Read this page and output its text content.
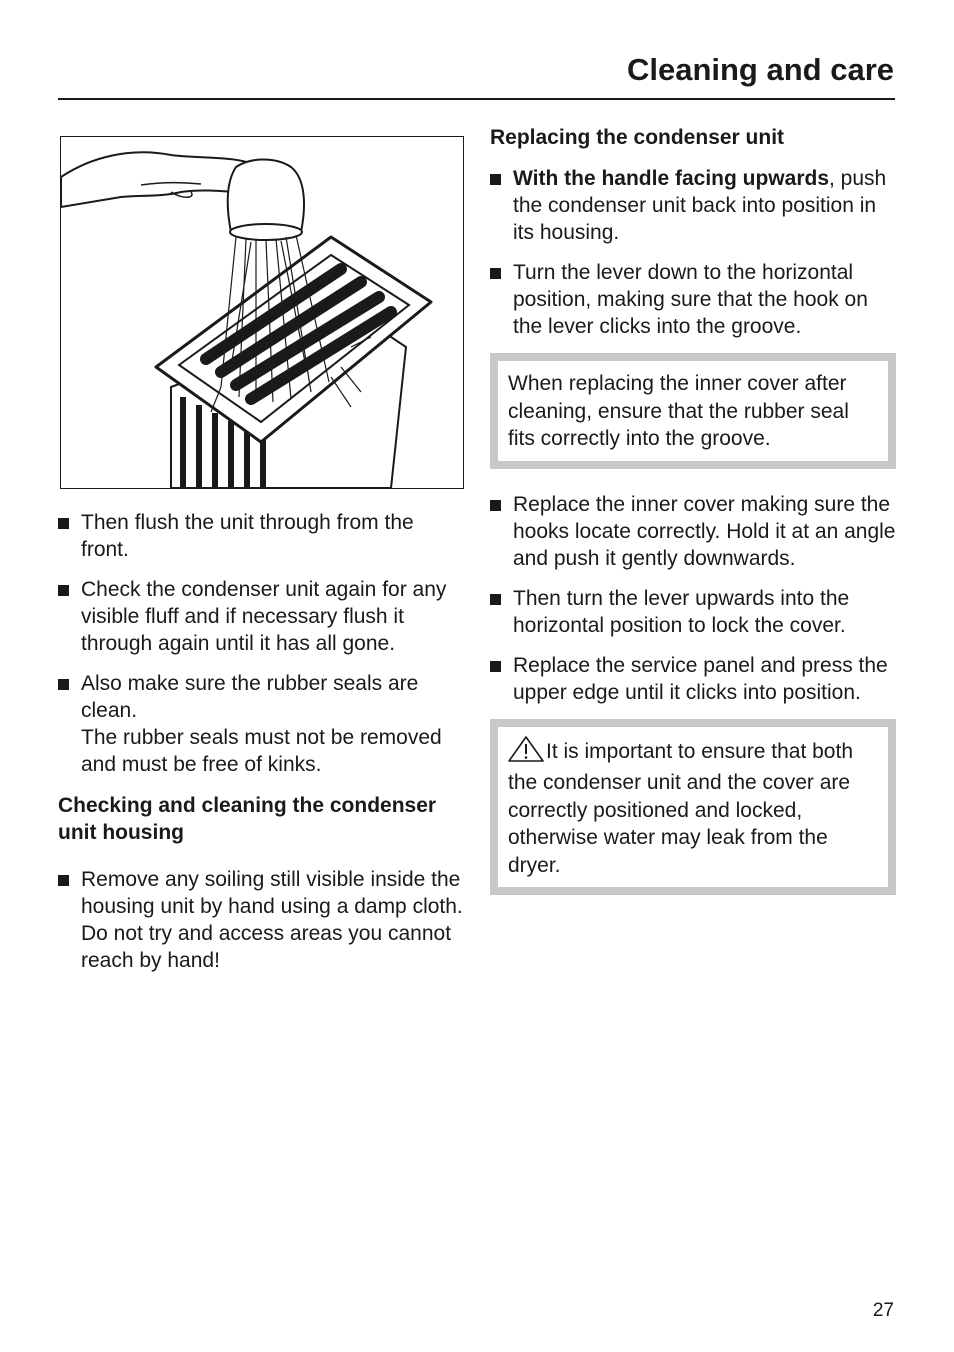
Cleaning and care
Then flush the unit through from the front.
Check the condenser unit again for any visible fluff and if necessary flush it through again until it has all gone.
Also make sure the rubber seals are clean.
The rubber seals must not be removed and must be free of kinks.
Checking and cleaning the condenser unit housing
Remove any soiling still visible inside the housing unit by hand using a damp cloth. Do not try and access areas you cannot reach by hand!
Replacing the condenser unit
With the handle facing upwards, push the condenser unit back into position in its housing.
Turn the lever down to the horizontal position, making sure that the hook on the lever clicks into the groove.
When replacing the inner cover after cleaning, ensure that the rubber seal fits correctly into the groove.
Replace the inner cover making sure the hooks locate correctly. Hold it at an angle and push it gently downwards.
Then turn the lever upwards into the horizontal position to lock the cover.
Replace the service panel and press the upper edge until it clicks into position.
It is important to ensure that both the condenser unit and the cover are correctly positioned and locked, otherwise water may leak from the dryer.
27
